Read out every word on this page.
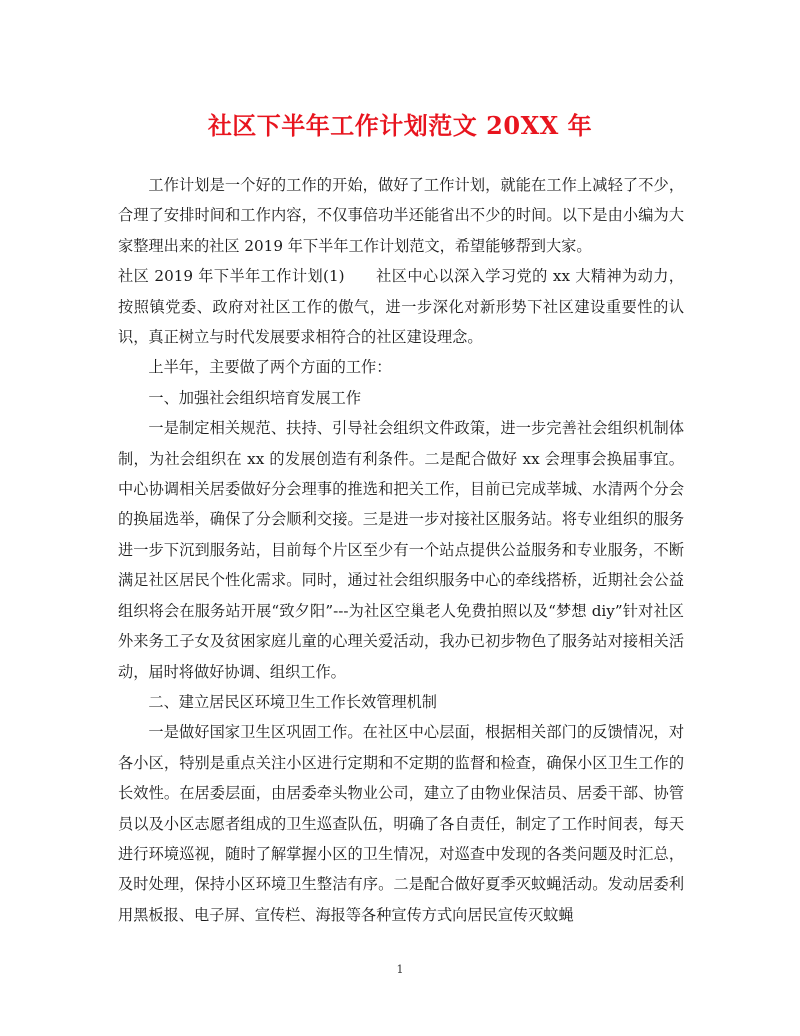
社区下半年工作计划范文 20XX 年

工作计划是一个好的工作的开始，做好了工作计划，就能在工作上减轻了不少，合理了安排时间和工作内容，不仅事倍功半还能省出不少的时间。以下是由小编为大家整理出来的社区 2019 年下半年工作计划范文，希望能够帮到大家。

社区 2019 年下半年工作计划(1)　　社区中心以深入学习党的 xx 大精神为动力，按照镇党委、政府对社区工作的傲气，进一步深化对新形势下社区建设重要性的认识，真正树立与时代发展要求相符合的社区建设理念。

上半年，主要做了两个方面的工作：

一、加强社会组织培育发展工作

一是制定相关规范、扶持、引导社会组织文件政策，进一步完善社会组织机制体制，为社会组织在 xx 的发展创造有利条件。二是配合做好 xx 会理事会换届事宜。中心协调相关居委做好分会理事的推选和把关工作，目前已完成莘城、水清两个分会的换届选举，确保了分会顺利交接。三是进一步对接社区服务站。将专业组织的服务进一步下沉到服务站，目前每个片区至少有一个站点提供公益服务和专业服务，不断满足社区居民个性化需求。同时，通过社会组织服务中心的牵线搭桥，近期社会公益组织将会在服务站开展“致夕阳”---为社区空巢老人免费拍照以及“梦想 diy”针对社区外来务工子女及贫困家庭儿童的心理关爱活动，我办已初步物色了服务站对接相关活动，届时将做好协调、组织工作。

二、建立居民区环境卫生工作长效管理机制

一是做好国家卫生区巩固工作。在社区中心层面，根据相关部门的反馈情况，对各小区，特别是重点关注小区进行定期和不定期的监督和检查，确保小区卫生工作的长效性。在居委层面，由居委牵头物业公司，建立了由物业保洁员、居委干部、协管员以及小区志愿者组成的卫生巡查队伍，明确了各自责任，制定了工作时间表，每天进行环境巡视，随时了解掌握小区的卫生情况，对巡查中发现的各类问题及时汇总，及时处理，保持小区环境卫生整洁有序。二是配合做好夏季灭蚊蝇活动。发动居委利用黑板报、电子屏、宣传栏、海报等各种宣传方式向居民宣传灭蚊蝇

1
